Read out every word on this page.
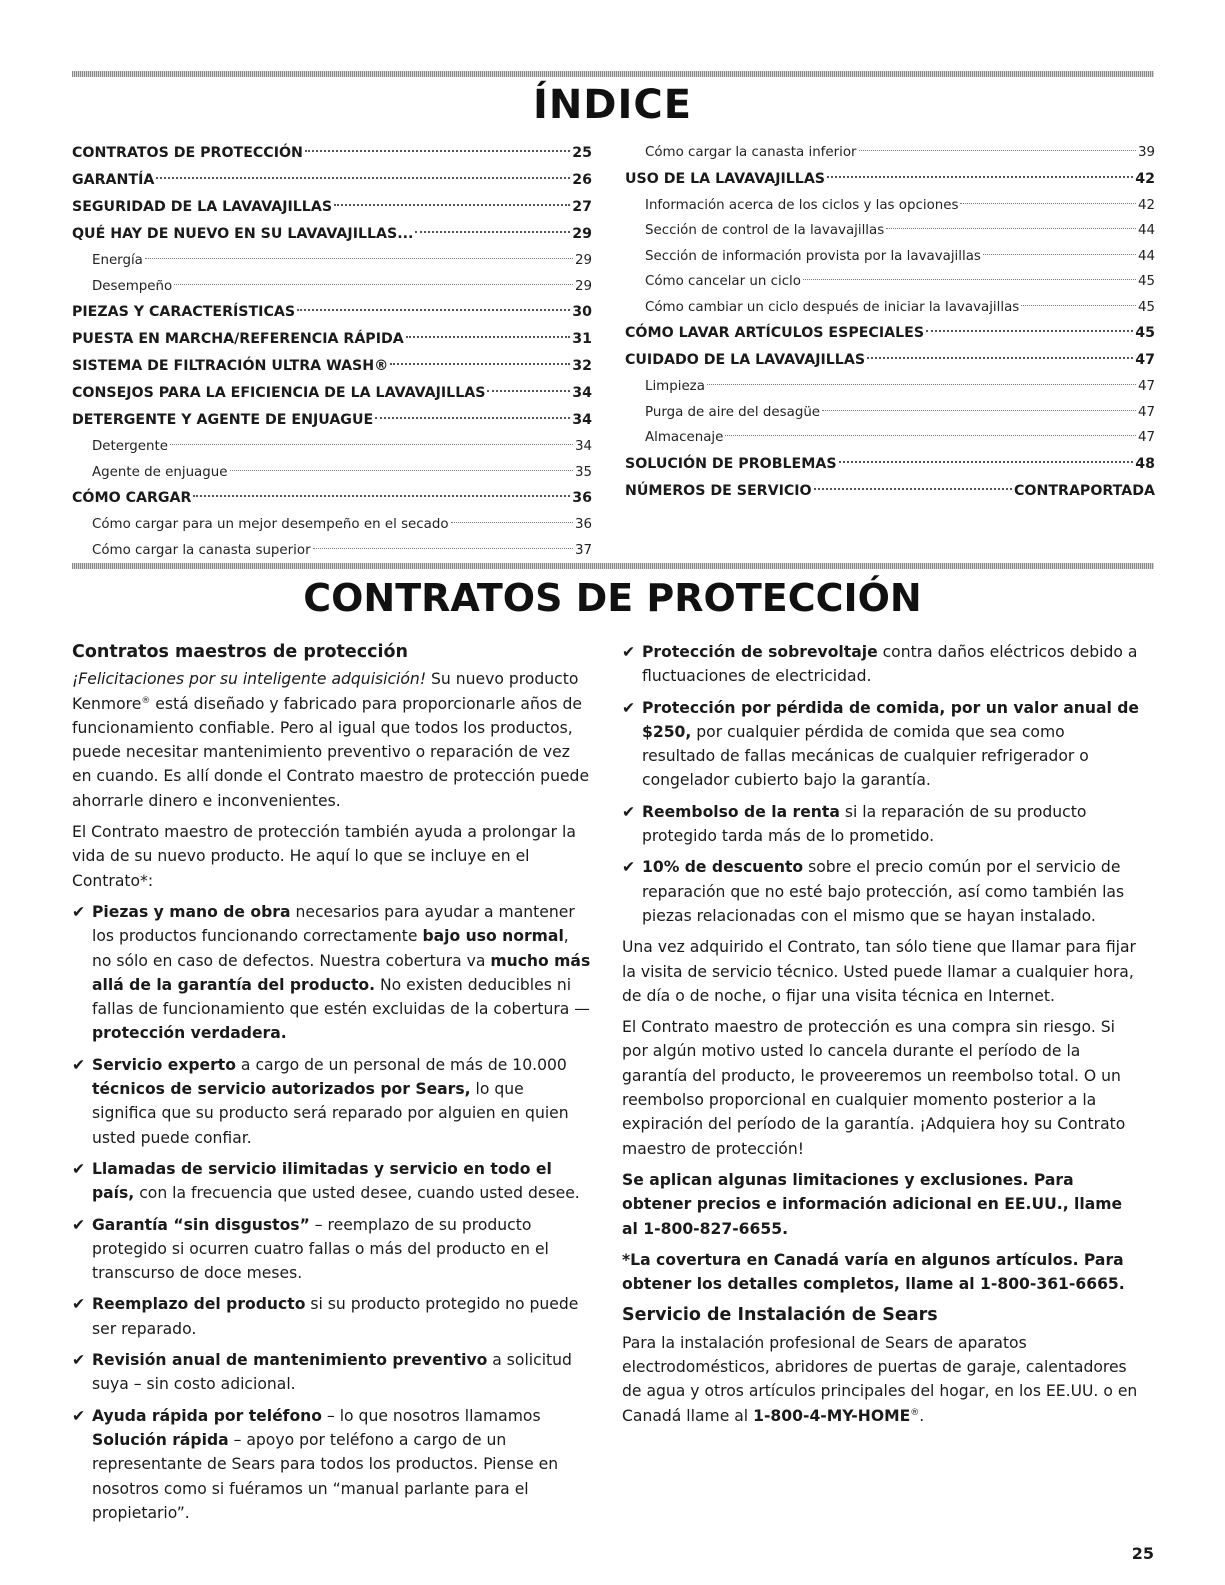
ÍNDICE
CONTRATOS DE PROTECCIÓN	25
GARANTÍA	26
SEGURIDAD DE LA LAVAVAJILLAS	27
QUÉ HAY DE NUEVO EN SU LAVAVAJILLAS...	29
Energía	29
Desempeño	29
PIEZAS Y CARACTERÍSTICAS	30
PUESTA EN MARCHA/REFERENCIA RÁPIDA	31
SISTEMA DE FILTRACIÓN ULTRA WASH®	32
CONSEJOS PARA LA EFICIENCIA DE LA LAVAVAJILLAS	34
DETERGENTE Y AGENTE DE ENJUAGUE	34
Detergente	34
Agente de enjuague	35
CÓMO CARGAR	36
Cómo cargar para un mejor desempeño en el secado	36
Cómo cargar la canasta superior	37
Cómo cargar la canasta inferior	39
USO DE LA LAVAVAJILLAS	42
Información acerca de los ciclos y las opciones	42
Sección de control de la lavavajillas	44
Sección de información provista por la lavavajillas	44
Cómo cancelar un ciclo	45
Cómo cambiar un ciclo después de iniciar la lavavajillas	45
CÓMO LAVAR ARTÍCULOS ESPECIALES	45
CUIDADO DE LA LAVAVAJILLAS	47
Limpieza	47
Purga de aire del desagüe	47
Almacenaje	47
SOLUCIÓN DE PROBLEMAS	48
NÚMEROS DE SERVICIO	CONTRAPORTADA
CONTRATOS DE PROTECCIÓN
Contratos maestros de protección

¡Felicitaciones por su inteligente adquisición! Su nuevo producto Kenmore® está diseñado y fabricado para proporcionarle años de funcionamiento confiable. Pero al igual que todos los productos, puede necesitar mantenimiento preventivo o reparación de vez en cuando. Es allí donde el Contrato maestro de protección puede ahorrarle dinero e inconvenientes.

El Contrato maestro de protección también ayuda a prolongar la vida de su nuevo producto. He aquí lo que se incluye en el Contrato*:

✔ Piezas y mano de obra necesarios para ayudar a mantener los productos funcionando correctamente bajo uso normal, no sólo en caso de defectos. Nuestra cobertura va mucho más allá de la garantía del producto. No existen deducibles ni fallas de funcionamiento que estén excluidas de la cobertura — protección verdadera.

✔ Servicio experto a cargo de un personal de más de 10.000 técnicos de servicio autorizados por Sears, lo que significa que su producto será reparado por alguien en quien usted puede confiar.

✔ Llamadas de servicio ilimitadas y servicio en todo el país, con la frecuencia que usted desee, cuando usted desee.

✔ Garantía “sin disgustos” – reemplazo de su producto protegido si ocurren cuatro fallas o más del producto en el transcurso de doce meses.

✔ Reemplazo del producto si su producto protegido no puede ser reparado.

✔ Revisión anual de mantenimiento preventivo a solicitud suya – sin costo adicional.

✔ Ayuda rápida por teléfono – lo que nosotros llamamos Solución rápida – apoyo por teléfono a cargo de un representante de Sears para todos los productos. Piense en nosotros como si fuéramos un “manual parlante para el propietario”.

✔ Protección de sobrevoltaje contra daños eléctricos debido a fluctuaciones de electricidad.

✔ Protección por pérdida de comida, por un valor anual de $250, por cualquier pérdida de comida que sea como resultado de fallas mecánicas de cualquier refrigerador o congelador cubierto bajo la garantía.

✔ Reembolso de la renta si la reparación de su producto protegido tarda más de lo prometido.

✔ 10% de descuento sobre el precio común por el servicio de reparación que no esté bajo protección, así como también las piezas relacionadas con el mismo que se hayan instalado.

Una vez adquirido el Contrato, tan sólo tiene que llamar para fijar la visita de servicio técnico. Usted puede llamar a cualquier hora, de día o de noche, o fijar una visita técnica en Internet.

El Contrato maestro de protección es una compra sin riesgo. Si por algún motivo usted lo cancela durante el período de la garantía del producto, le proveeremos un reembolso total. O un reembolso proporcional en cualquier momento posterior a la expiración del período de la garantía. ¡Adquiera hoy su Contrato maestro de protección!

Se aplican algunas limitaciones y exclusiones. Para obtener precios e información adicional en EE.UU., llame al 1-800-827-6655.

*La covertura en Canadá varía en algunos artículos. Para obtener los detalles completos, llame al 1-800-361-6665.

Servicio de Instalación de Sears

Para la instalación profesional de Sears de aparatos electrodomésticos, abridores de puertas de garaje, calentadores de agua y otros artículos principales del hogar, en los EE.UU. o en Canadá llame al 1-800-4-MY-HOME®.

25
